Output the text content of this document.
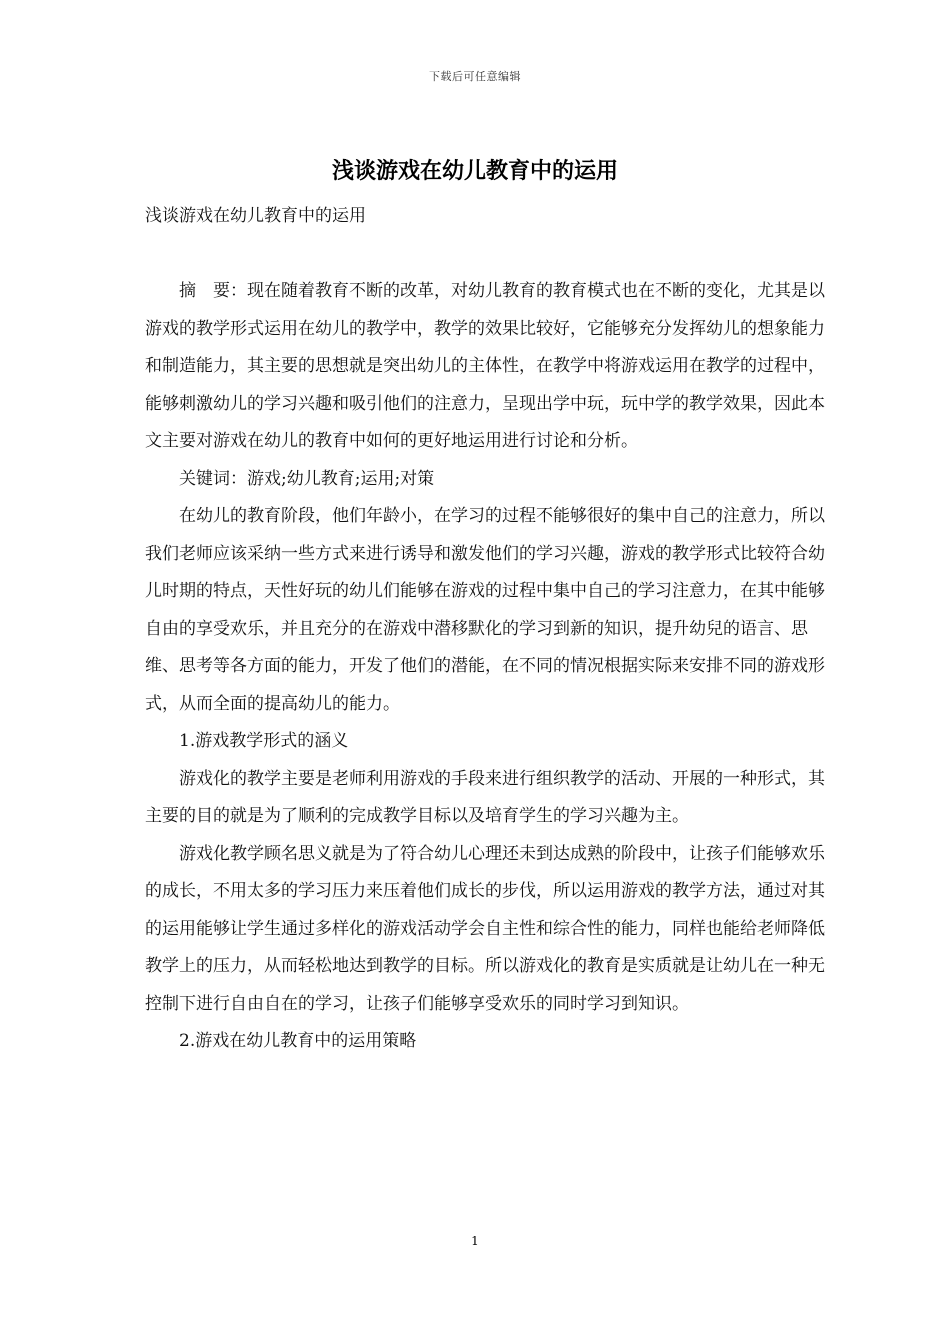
下载后可任意编辑
浅谈游戏在幼儿教育中的运用

浅谈游戏在幼儿教育中的运用

摘　要：现在随着教育不断的改革，对幼儿教育的教育模式也在不断的变化，尤其是以游戏的教学形式运用在幼儿的教学中，教学的效果比较好，它能够充分发挥幼儿的想象能力和制造能力，其主要的思想就是突出幼儿的主体性，在教学中将游戏运用在教学的过程中，能够刺激幼儿的学习兴趣和吸引他们的注意力，呈现出学中玩，玩中学的教学效果，因此本文主要对游戏在幼儿的教育中如何的更好地运用进行讨论和分析。

关键词：游戏;幼儿教育;运用;对策

在幼儿的教育阶段，他们年龄小，在学习的过程不能够很好的集中自己的注意力，所以我们老师应该采纳一些方式来进行诱导和激发他们的学习兴趣，游戏的教学形式比较符合幼儿时期的特点，天性好玩的幼儿们能够在游戏的过程中集中自己的学习注意力，在其中能够自由的享受欢乐，并且充分的在游戏中潜移默化的学习到新的知识，提升幼兒的语言、思维、思考等各方面的能力，开发了他们的潜能，在不同的情况根据实际来安排不同的游戏形式，从而全面的提高幼儿的能力。

1.游戏教学形式的涵义

游戏化的教学主要是老师利用游戏的手段来进行组织教学的活动、开展的一种形式，其主要的目的就是为了顺利的完成教学目标以及培育学生的学习兴趣为主。

游戏化教学顾名思义就是为了符合幼儿心理还未到达成熟的阶段中，让孩子们能够欢乐的成长，不用太多的学习压力来压着他们成长的步伐，所以运用游戏的教学方法，通过对其的运用能够让学生通过多样化的游戏活动学会自主性和综合性的能力，同样也能给老师降低教学上的压力，从而轻松地达到教学的目标。所以游戏化的教育是实质就是让幼儿在一种无控制下进行自由自在的学习，让孩子们能够享受欢乐的同时学习到知识。

2.游戏在幼儿教育中的运用策略

1
